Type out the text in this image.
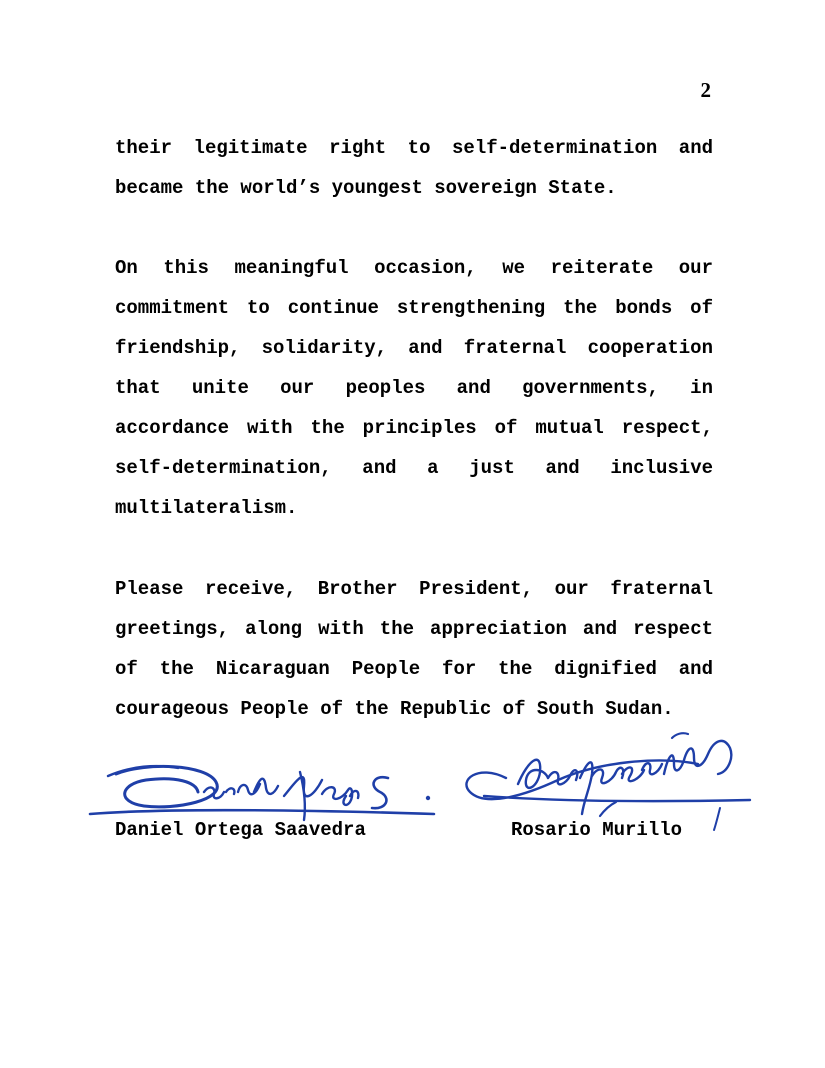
2
their legitimate right to self-determination and
became the world’s youngest sovereign State.
On this meaningful occasion, we reiterate our
commitment to continue strengthening the bonds of
friendship, solidarity, and fraternal cooperation
that unite our peoples and governments, in
accordance with the principles of mutual respect,
self-determination, and a just and inclusive
multilateralism.
Please receive, Brother President, our fraternal
greetings, along with the appreciation and respect
of the Nicaraguan People for the dignified and
courageous People of the Republic of South Sudan.
Daniel Ortega Saavedra	Rosario Murillo
